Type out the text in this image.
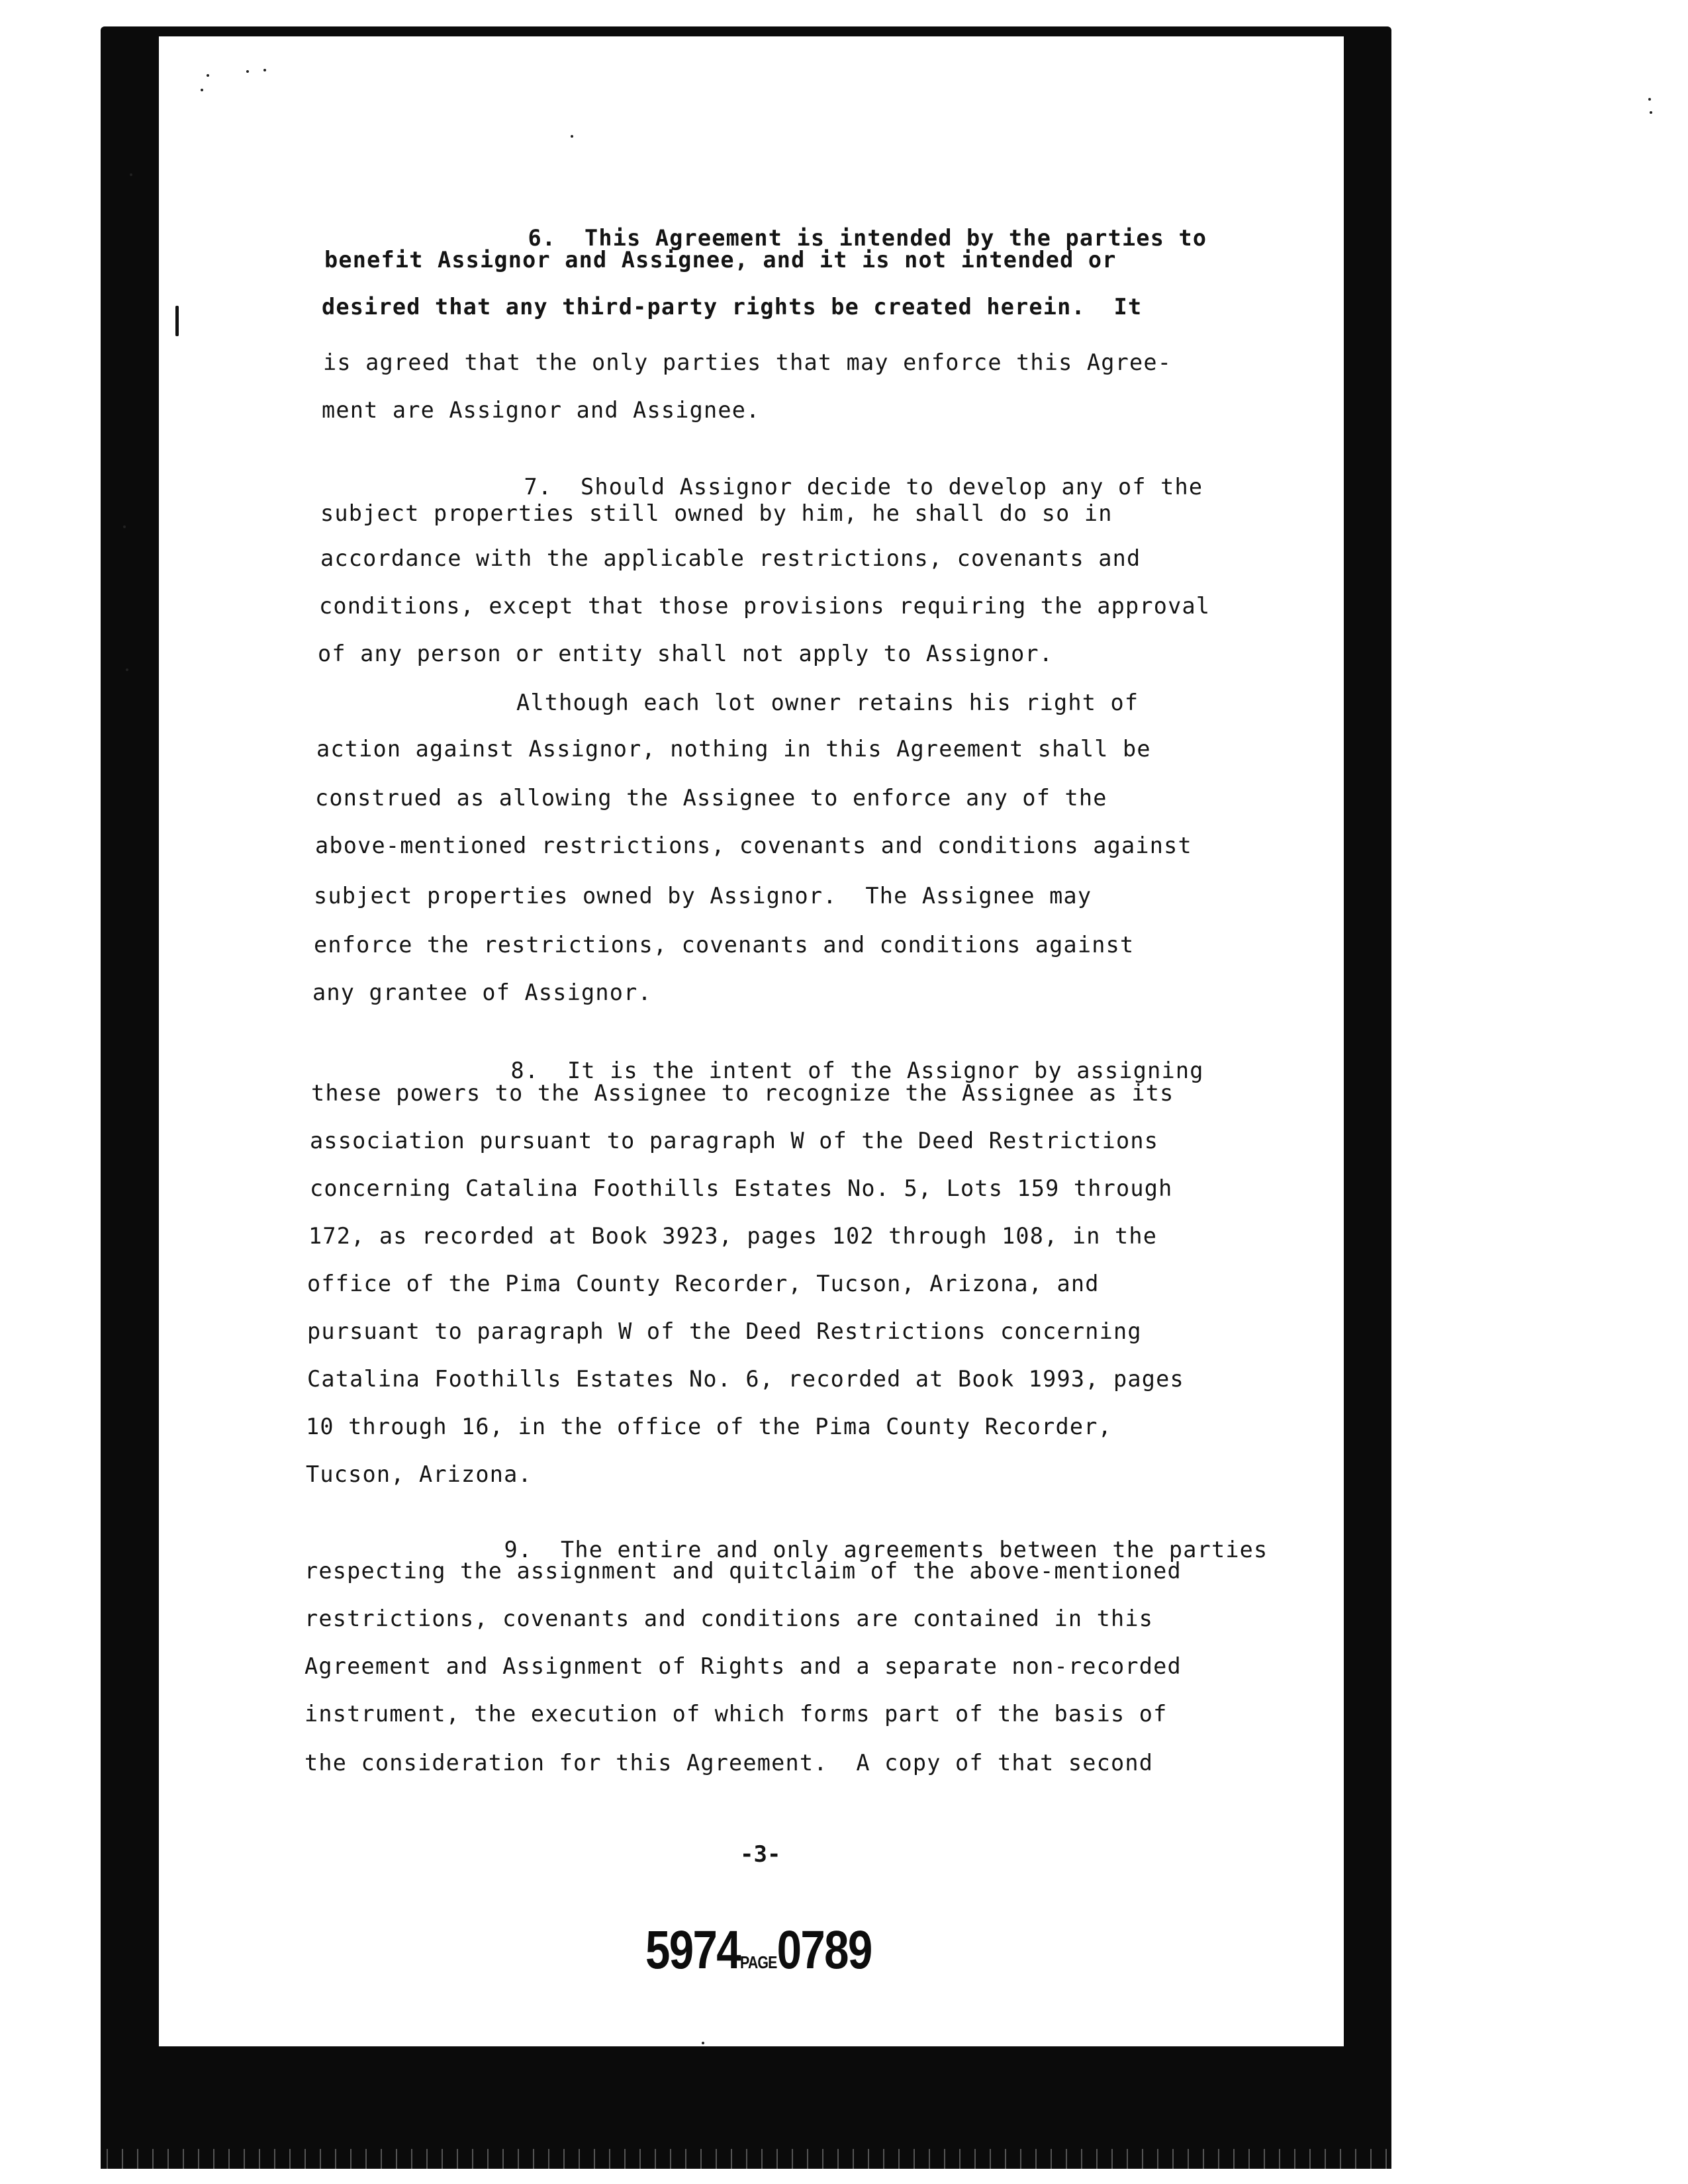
6. This Agreement is intended by the parties to

benefit Assignor and Assignee, and it is not intended or

desired that any third-party rights be created herein.  It

is agreed that the only parties that may enforce this Agree-

ment are Assignor and Assignee.

7. Should Assignor decide to develop any of the

subject properties still owned by him, he shall do so in

accordance with the applicable restrictions, covenants and

conditions, except that those provisions requiring the approval

of any person or entity shall not apply to Assignor.

Although each lot owner retains his right of

action against Assignor, nothing in this Agreement shall be

construed as allowing the Assignee to enforce any of the

above-mentioned restrictions, covenants and conditions against

subject properties owned by Assignor.  The Assignee may

enforce the restrictions, covenants and conditions against

any grantee of Assignor.

8. It is the intent of the Assignor by assigning

these powers to the Assignee to recognize the Assignee as its

association pursuant to paragraph W of the Deed Restrictions

concerning Catalina Foothills Estates No. 5, Lots 159 through

172, as recorded at Book 3923, pages 102 through 108, in the

office of the Pima County Recorder, Tucson, Arizona, and

pursuant to paragraph W of the Deed Restrictions concerning

Catalina Foothills Estates No. 6, recorded at Book 1993, pages

10 through 16, in the office of the Pima County Recorder,

Tucson, Arizona.

9. The entire and only agreements between the parties

respecting the assignment and quitclaim of the above-mentioned

restrictions, covenants and conditions are contained in this

Agreement and Assignment of Rights and a separate non-recorded

instrument, the execution of which forms part of the basis of

the consideration for this Agreement.  A copy of that second

-3-
5974PAGE0789
